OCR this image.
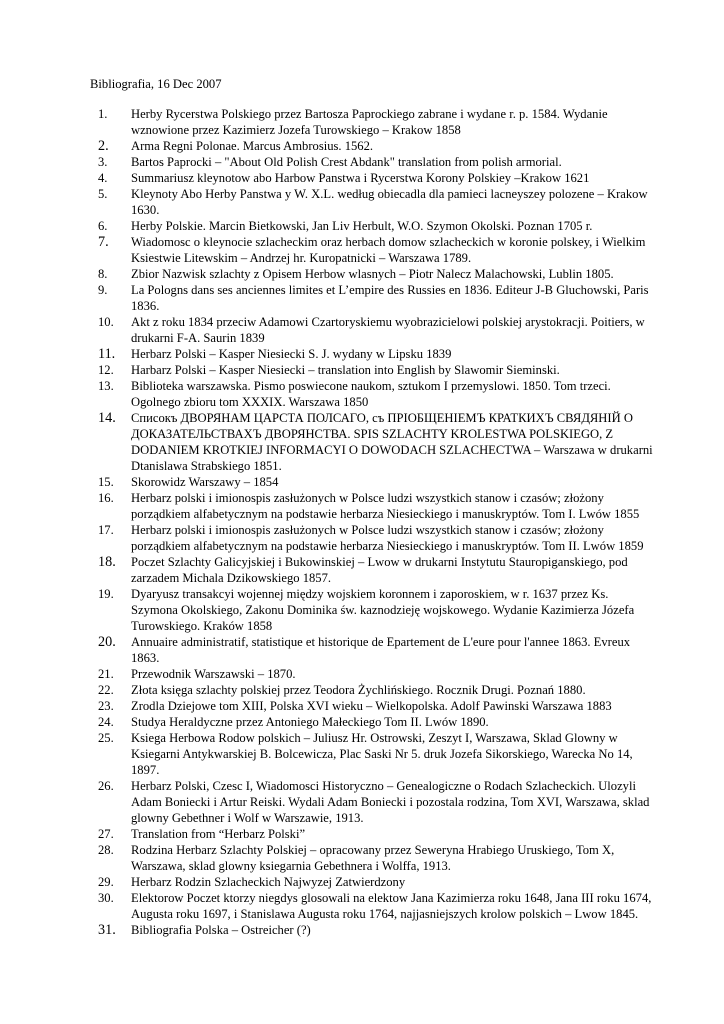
Bibliografia, 16 Dec 2007
1.	Herby Rycerstwa Polskiego przez Bartosza Paprockiego zabrane i wydane r. p. 1584. Wydanie wznowione przez Kazimierz Jozefa Turowskiego – Krakow 1858
2.	Arma Regni Polonae. Marcus Ambrosius. 1562.
3.	Bartos Paprocki – "About Old Polish Crest Abdank" translation from polish armorial.
4.	Summariusz kleynotow abo Harbow Panstwa i Rycerstwa Korony Polskiey –Krakow 1621
5.	Kleynoty Abo Herby Panstwa y W. X.L. według obiecadla dla pamieci lacneyszey polozene – Krakow 1630.
6.	Herby Polskie. Marcin Bietkowski, Jan Liv Herbult, W.O. Szymon Okolski. Poznan 1705 r.
7.	Wiadomosc o kleynocie szlacheckim oraz herbach domow szlacheckich w koronie polskey, i Wielkim Ksiestwie Litewskim – Andrzej hr. Kuropatnicki – Warszawa 1789.
8.	Zbior Nazwisk szlachty z Opisem Herbow wlasnych – Piotr Nalecz Malachowski, Lublin 1805.
9.	La Pologns dans ses anciennes limites et L’empire des Russies en 1836. Editeur J-B Gluchowski, Paris 1836.
10.	Akt z roku 1834 przeciw Adamowi Czartoryskiemu wyobrazicielowi polskiej arystokracji. Poitiers, w drukarni F-A. Saurin 1839
11.	Herbarz Polski – Kasper Niesiecki S. J. wydany w Lipsku 1839
12.	Harbarz Polski – Kasper Niesiecki – translation into English by Slawomir Sieminski.
13.	Biblioteka warszawska. Pismo poswiecone naukom, sztukom I przemyslowi. 1850. Tom trzeci. Ogolnego zbioru tom XXXIX. Warszawa 1850
14.	Списокъ ДВОРЯНАМ ЦАРСТА ПОЛСАГО, съ ПРІОБЩЕНІЕМЪ КРАТКИХЪ СВЯДЯНІЙ О ДОКАЗАТЕЛЬСТВАХЪ ДВОРЯНСТВА. SPIS SZLACHTY KROLESTWA POLSKIEGO, Z DODANIEM KROTKIEJ INFORMACYI O DOWODACH SZLACHECTWA – Warszawa w drukarni Dtanislawa Strabskiego 1851.
15.	Skorowidz Warszawy – 1854
16.	Herbarz polski i imionospis zasłużonych w Polsce ludzi wszystkich stanow i czasów; złożony porządkiem alfabetycznym na podstawie herbarza Niesieckiego i manuskryptów. Tom I. Lwów 1855
17.	Herbarz polski i imionospis zasłużonych w Polsce ludzi wszystkich stanow i czasów; złożony porządkiem alfabetycznym na podstawie herbarza Niesieckiego i manuskryptów. Tom II. Lwów 1859
18.	Poczet Szlachty Galicyjskiej i Bukowinskiej – Lwow w drukarni Instytutu Stauropiganskiego, pod zarzadem Michala Dzikowskiego 1857.
19.	Dyaryusz transakcyi wojennej między wojskiem koronnem i zaporoskiem, w r. 1637 przez Ks. Szymona Okolskiego, Zakonu Dominika św. kaznodzieję wojskowego. Wydanie Kazimierza Józefa Turowskiego. Kraków 1858
20.	Annuaire administratif, statistique et historique de Epartement de L'eure pour l'annee 1863. Evreux 1863.
21.	Przewodnik Warszawski – 1870.
22.	Złota księga szlachty polskiej przez Teodora Żychlińskiego. Rocznik Drugi. Poznań 1880.
23.	Zrodla Dziejowe tom XIII, Polska XVI wieku – Wielkopolska. Adolf Pawinski Warszawa 1883
24.	Studya Heraldyczne przez Antoniego Małeckiego Tom II. Lwów 1890.
25.	Ksiega Herbowa Rodow polskich – Juliusz Hr. Ostrowski, Zeszyt I, Warszawa, Sklad Glowny w Ksiegarni Antykwarskiej B. Bolcewicza, Plac Saski Nr 5. druk Jozefa Sikorskiego, Warecka No 14, 1897.
26.	Herbarz Polski, Czesc I, Wiadomosci Historyczno – Genealogiczne o Rodach Szlacheckich. Ulozyli Adam Boniecki i Artur Reiski. Wydali Adam Boniecki i pozostala rodzina, Tom XVI, Warszawa, sklad glowny Gebethner i Wolf w Warszawie, 1913.
27.	Translation from “Herbarz Polski”
28.	Rodzina Herbarz Szlachty Polskiej – opracowany przez Seweryna Hrabiego Uruskiego, Tom X, Warszawa, sklad glowny ksiegarnia Gebethnera i Wolffa, 1913.
29.	Herbarz Rodzin Szlacheckich Najwyzej Zatwierdzony
30.	Elektorow Poczet ktorzy niegdys glosowali na elektow Jana Kazimierza roku 1648, Jana III roku 1674, Augusta roku 1697, i Stanislawa Augusta roku 1764, najjasniejszych krolow polskich – Lwow 1845.
31.	Bibliografia Polska – Ostreicher (?)
